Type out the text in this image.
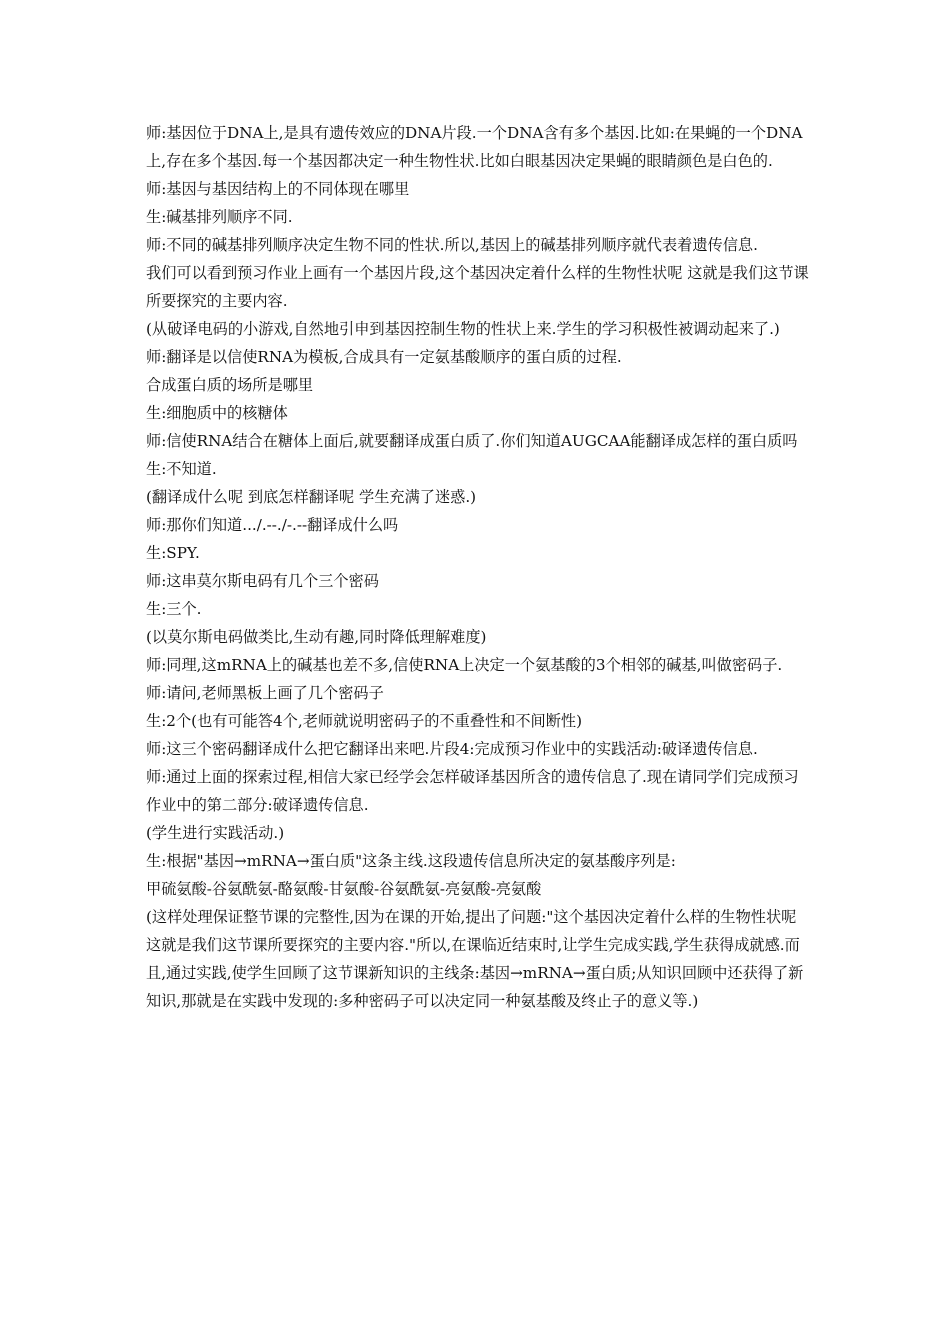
师:基因位于DNA上,是具有遗传效应的DNA片段.一个DNA含有多个基因.比如:在果蝇的一个DNA上,存在多个基因.每一个基因都决定一种生物性状.比如白眼基因决定果蝇的眼睛颜色是白色的.

师:基因与基因结构上的不同体现在哪里

生:碱基排列顺序不同.

师:不同的碱基排列顺序决定生物不同的性状.所以,基因上的碱基排列顺序就代表着遗传信息.

我们可以看到预习作业上画有一个基因片段,这个基因决定着什么样的生物性状呢 这就是我们这节课所要探究的主要内容.

(从破译电码的小游戏,自然地引申到基因控制生物的性状上来.学生的学习积极性被调动起来了.)

师:翻译是以信使RNA为模板,合成具有一定氨基酸顺序的蛋白质的过程.

合成蛋白质的场所是哪里

生:细胞质中的核糖体

师:信使RNA结合在糖体上面后,就要翻译成蛋白质了.你们知道AUGCAA能翻译成怎样的蛋白质吗

生:不知道.

(翻译成什么呢 到底怎样翻译呢 学生充满了迷惑.)

师:那你们知道.../.--./-.--翻译成什么吗

生:SPY.

师:这串莫尔斯电码有几个三个密码

生:三个.

(以莫尔斯电码做类比,生动有趣,同时降低理解难度)

师:同理,这mRNA上的碱基也差不多,信使RNA上决定一个氨基酸的3个相邻的碱基,叫做密码子.

师:请问,老师黑板上画了几个密码子

生:2个(也有可能答4个,老师就说明密码子的不重叠性和不间断性)

师:这三个密码翻译成什么把它翻译出来吧.片段4:完成预习作业中的实践活动:破译遗传信息.

师:通过上面的探索过程,相信大家已经学会怎样破译基因所含的遗传信息了.现在请同学们完成预习作业中的第二部分:破译遗传信息.

(学生进行实践活动.)

生:根据"基因→mRNA→蛋白质"这条主线.这段遗传信息所决定的氨基酸序列是:

甲硫氨酸-谷氨酰氨-酪氨酸-甘氨酸-谷氨酰氨-亮氨酸-亮氨酸

(这样处理保证整节课的完整性,因为在课的开始,提出了问题:"这个基因决定着什么样的生物性状呢 这就是我们这节课所要探究的主要内容."所以,在课临近结束时,让学生完成实践,学生获得成就感.而且,通过实践,使学生回顾了这节课新知识的主线条:基因→mRNA→蛋白质;从知识回顾中还获得了新知识,那就是在实践中发现的:多种密码子可以决定同一种氨基酸及终止子的意义等.)
